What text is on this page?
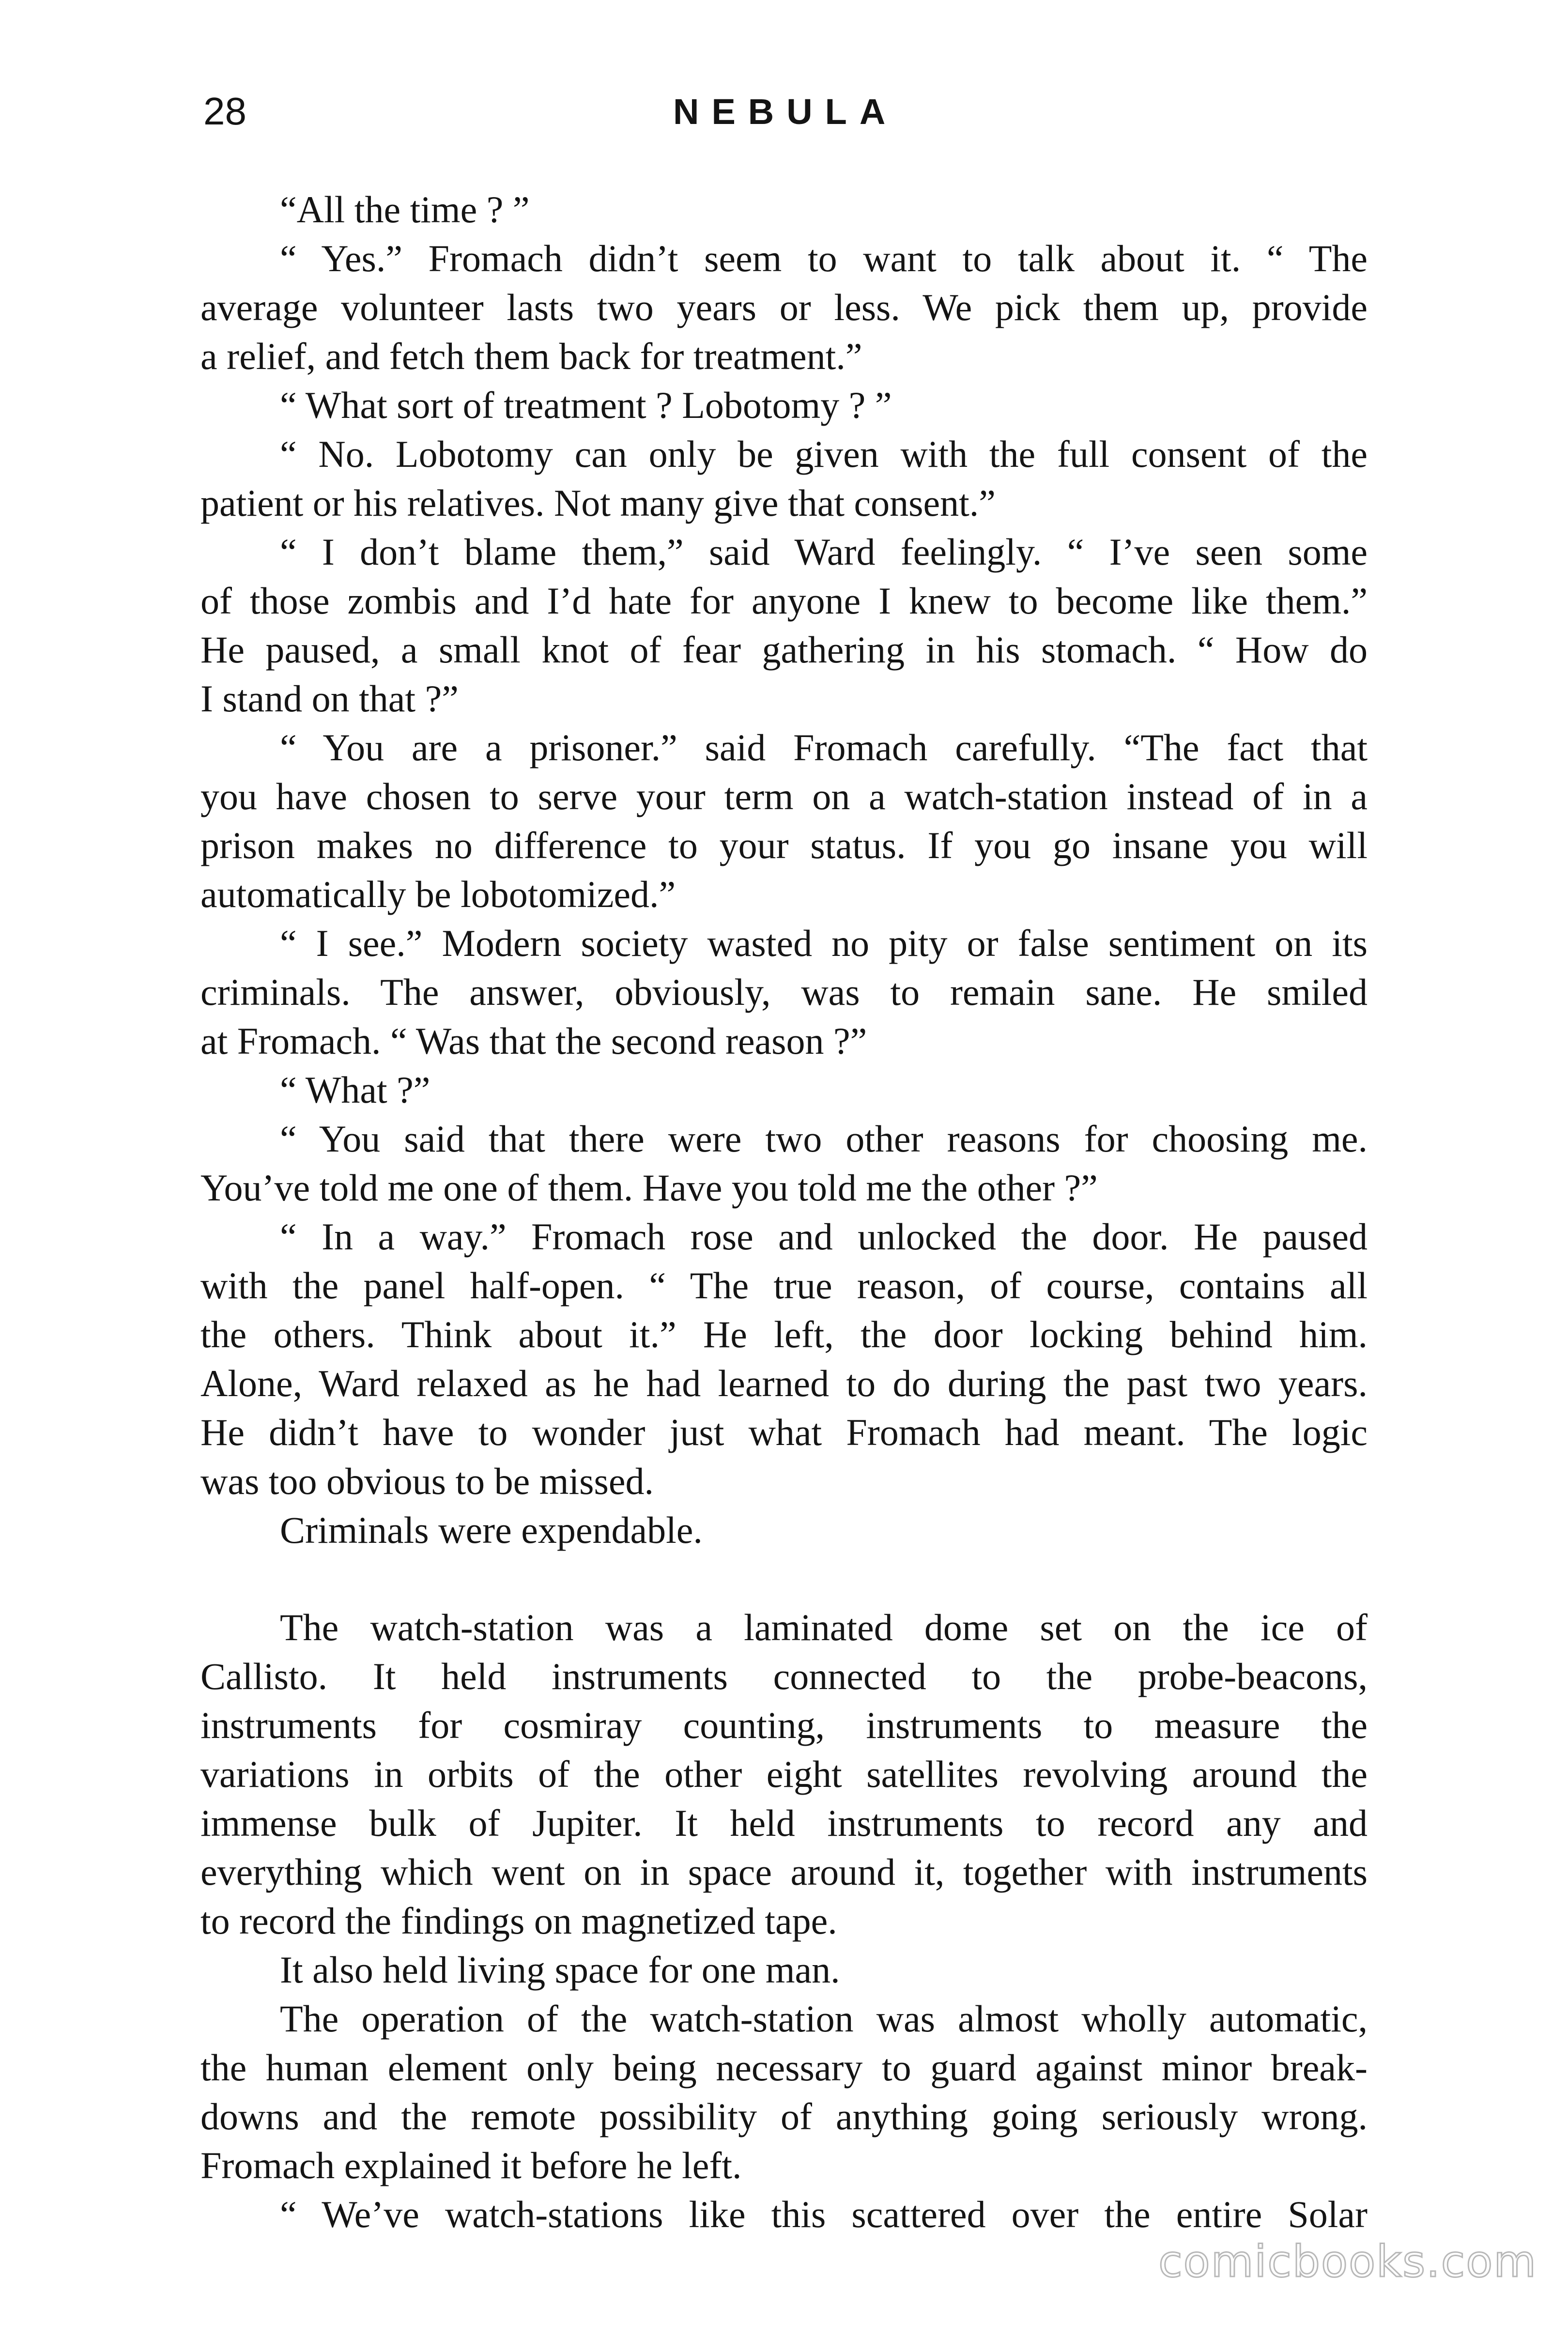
28	NEBULA
“All the time ? ”
“ Yes.” Fromach didn’t seem to want to talk about it. “ The
average volunteer lasts two years or less. We pick them up, provide
a relief, and fetch them back for treatment.”
“ What sort of treatment ? Lobotomy ? ”
“ No. Lobotomy can only be given with the full consent of the
patient or his relatives. Not many give that consent.”
“ I don’t blame them,” said Ward feelingly. “ I’ve seen some
of those zombis and I’d hate for anyone I knew to become like them.”
He paused, a small knot of fear gathering in his stomach. “ How do
I stand on that ?”
“ You are a prisoner.” said Fromach carefully. “The fact that
you have chosen to serve your term on a watch-station instead of in a
prison makes no difference to your status. If you go insane you will
automatically be lobotomized.”
“ I see.” Modern society wasted no pity or false sentiment on its
criminals. The answer, obviously, was to remain sane. He smiled
at Fromach. “ Was that the second reason ?”
“ What ?”
“ You said that there were two other reasons for choosing me.
You’ve told me one of them. Have you told me the other ?”
“ In a way.” Fromach rose and unlocked the door. He paused
with the panel half-open. “ The true reason, of course, contains all
the others. Think about it.” He left, the door locking behind him.
Alone, Ward relaxed as he had learned to do during the past two years.
He didn’t have to wonder just what Fromach had meant. The logic
was too obvious to be missed.
Criminals were expendable.
The watch-station was a laminated dome set on the ice of
Callisto. It held instruments connected to the probe-beacons,
instruments for cosmiray counting, instruments to measure the
variations in orbits of the other eight satellites revolving around the
immense bulk of Jupiter. It held instruments to record any and
everything which went on in space around it, together with instruments
to record the findings on magnetized tape.
It also held living space for one man.
The operation of the watch-station was almost wholly automatic,
the human element only being necessary to guard against minor break-
downs and the remote possibility of anything going seriously wrong.
Fromach explained it before he left.
“ We’ve watch-stations like this scattered over the entire Solar
comicbooks.com
